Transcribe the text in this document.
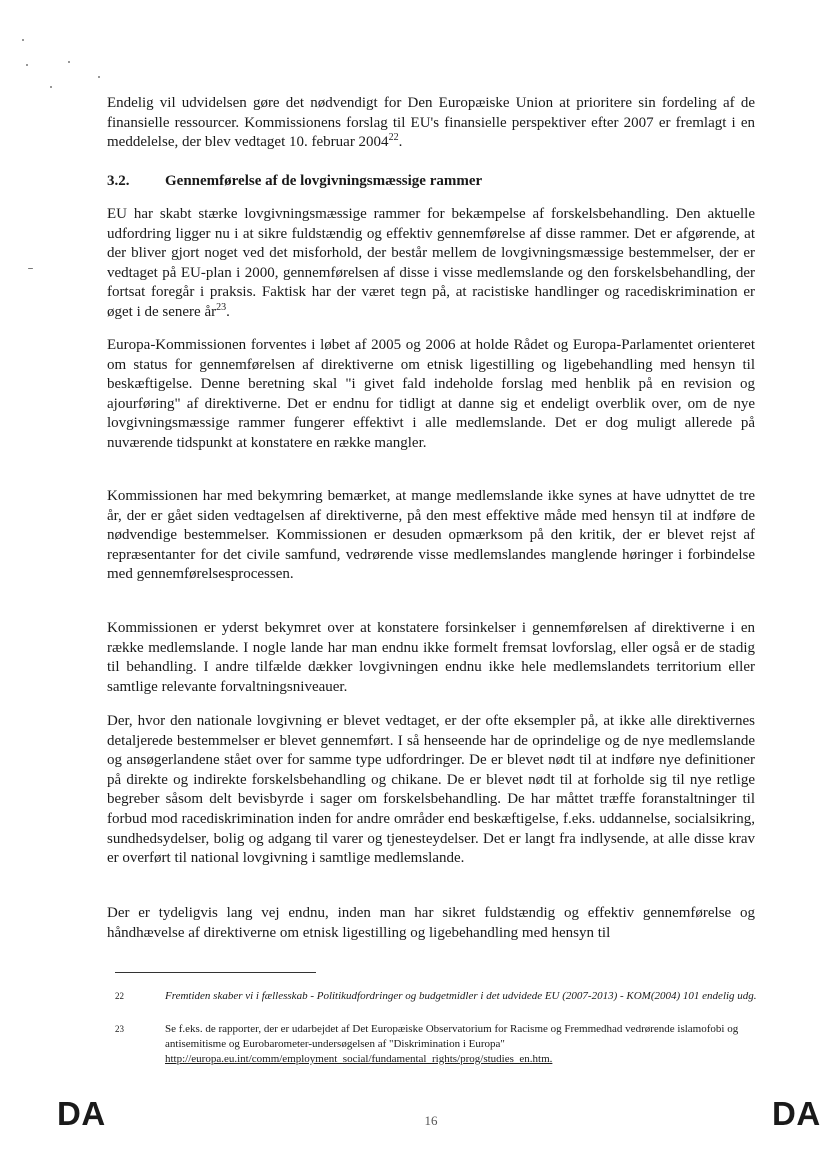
Endelig vil udvidelsen gøre det nødvendigt for Den Europæiske Union at prioritere sin fordeling af de finansielle ressourcer. Kommissionens forslag til EU's finansielle perspektiver efter 2007 er fremlagt i en meddelelse, der blev vedtaget 10. februar 2004$^{22}$.

3.2. Gennemførelse af de lovgivningsmæssige rammer

EU har skabt stærke lovgivningsmæssige rammer for bekæmpelse af forskelsbehandling. Den aktuelle udfordring ligger nu i at sikre fuldstændig og effektiv gennemførelse af disse rammer. Det er afgørende, at der bliver gjort noget ved det misforhold, der består mellem de lovgivningsmæssige bestemmelser, der er vedtaget på EU-plan i 2000, gennemførelsen af disse i visse medlemslande og den forskelsbehandling, der fortsat foregår i praksis. Faktisk har der været tegn på, at racistiske handlinger og racediskrimination er øget i de senere $år^{23}$.

Europa-Kommissionen forventes i løbet af 2005 og 2006 at holde Rådet og Europa-Parlamentet orienteret om status for gennemførelsen af direktiverne om etnisk ligestilling og ligebehandling med hensyn til beskæftigelse. Denne beretning skal "i givet fald indeholde forslag med henblik på en revision og ajourføring" af direktiverne. Det er endnu for tidligt at danne sig et endeligt overblik over, om de nye lovgivningsmæssige rammer fungerer effektivt i alle medlemslande. Det er dog muligt allerede på nuværende tidspunkt at konstatere en række mangler.

Kommissionen har med bekymring bemærket, at mange medlemslande ikke synes at have udnyttet de tre år, der er gået siden vedtagelsen af direktiverne, på den mest effektive måde med hensyn til at indføre de nødvendige bestemmelser. Kommissionen er desuden opmærksom på den kritik, der er blevet rejst af repræsentanter for det civile samfund, vedrørende visse medlemslandes manglende høringer i forbindelse med gennemførelsesprocessen.

Kommissionen er yderst bekymret over at konstatere forsinkelser i gennemførelsen af direktiverne i en række medlemslande. I nogle lande har man endnu ikke formelt fremsat lovforslag, eller også er de stadig til behandling. I andre tilfælde dækker lovgivningen endnu ikke hele medlemslandets territorium eller samtlige relevante forvaltningsniveauer.

Der, hvor den nationale lovgivning er blevet vedtaget, er der ofte eksempler på, at ikke alle direktivernes detaljerede bestemmelser er blevet gennemført. I så henseende har de oprindelige og de nye medlemslande og ansøgerlandene stået over for samme type udfordringer. De er blevet nødt til at indføre nye definitioner på direkte og indirekte forskelsbehandling og chikane. De er blevet nødt til at forholde sig til nye retlige begreber såsom delt bevisbyrde i sager om forskelsbehandling. De har måttet træffe foranstaltninger til forbud mod racediskrimination inden for andre områder end beskæftigelse, f.eks. uddannelse, socialsikring, sundhedsydelser, bolig og adgang til varer og tjenesteydelser. Det er langt fra indlysende, at alle disse krav er overført til national lovgivning i samtlige medlemslande.

Der er tydeligvis lang vej endnu, inden man har sikret fuldstændig og effektiv gennemførelse og håndhævelse af direktiverne om etnisk ligestilling og ligebehandling med hensyn til

22	Fremtiden skaber vi i fællesskab - Politikudfordringer og budgetmidler i det udvidede EU (2007-2013) - KOM(2004) 101 endelig udg.
23	Se f.eks. de rapporter, der er udarbejdet af Det Europæiske Observatorium for Racisme og Fremmedhad vedrørende islamofobi og antisemitisme og Eurobarometer-undersøgelsen af "Diskrimination i Europa"
http://europa.eu.int/comm/employment_social/fundamental_rights/prog/studies_en.htm.
DA	16	DA
